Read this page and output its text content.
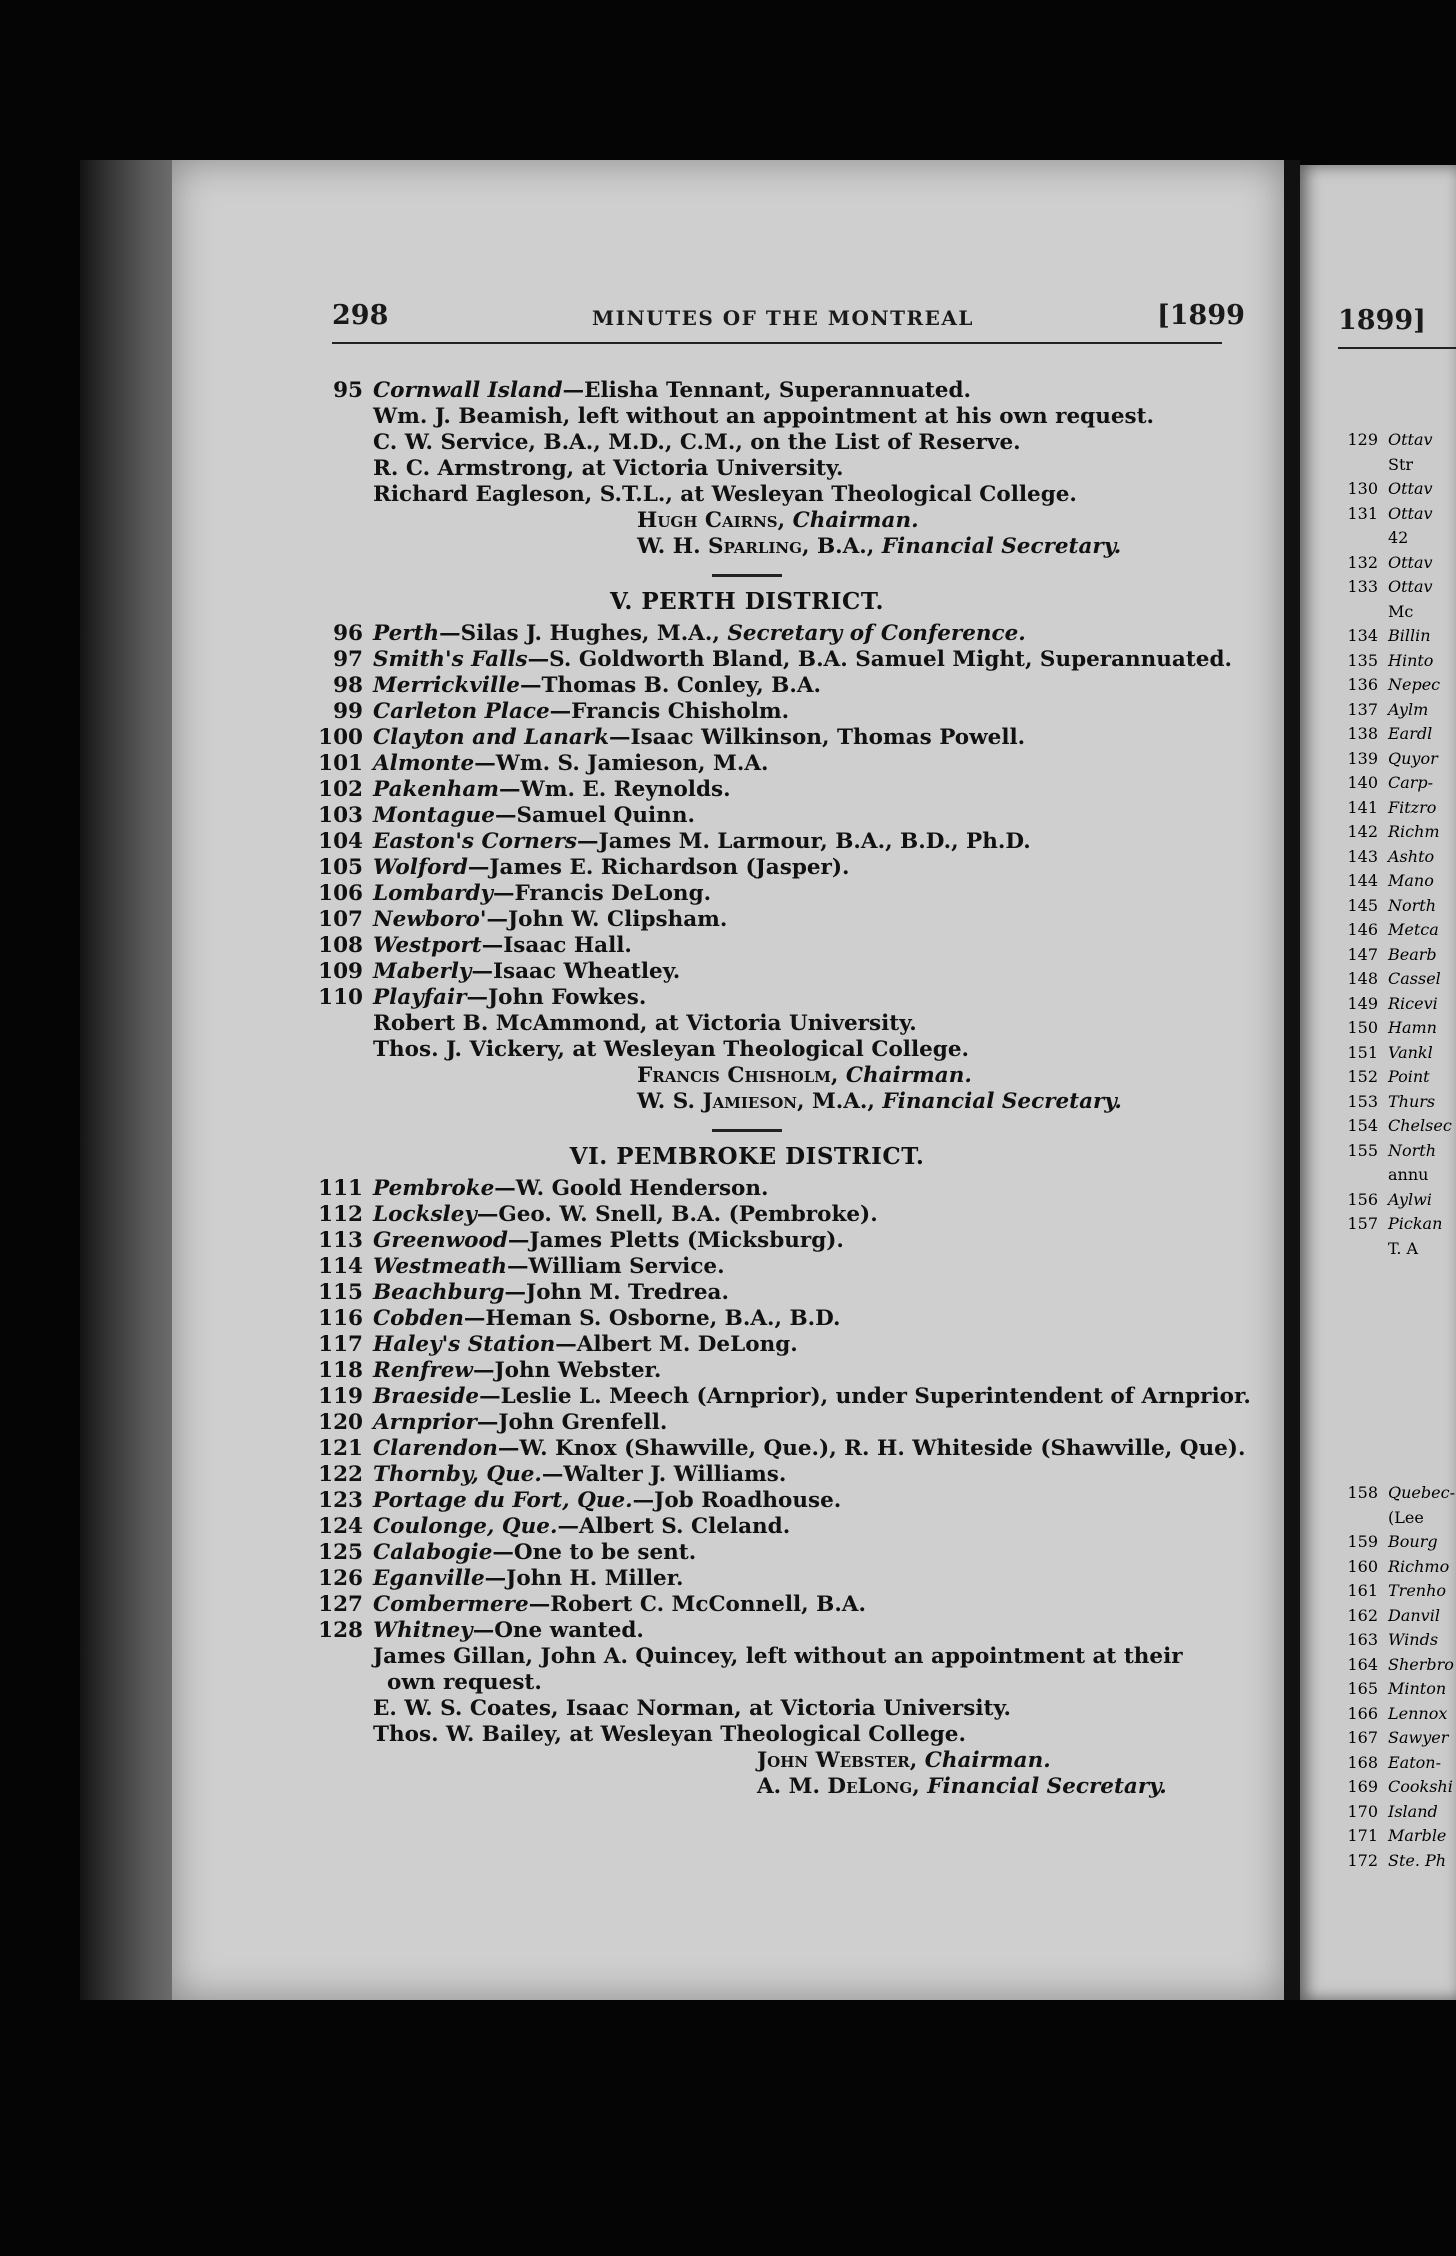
298	MINUTES OF THE MONTREAL	[1899
95 Cornwall Island—Elisha Tennant, Superannuated.
Wm. J. Beamish, left without an appointment at his own request.
C. W. Service, B.A., M.D., C.M., on the List of Reserve.
R. C. Armstrong, at Victoria University.
Richard Eagleson, S.T.L., at Wesleyan Theological College.
Hugh Cairns, Chairman.
W. H. Sparling, B.A., Financial Secretary.
V. PERTH DISTRICT.
96 Perth—Silas J. Hughes, M.A., Secretary of Conference.
97 Smith's Falls—S. Goldworth Bland, B.A. Samuel Might, Superannuated.
98 Merrickville—Thomas B. Conley, B.A.
99 Carleton Place—Francis Chisholm.
100 Clayton and Lanark—Isaac Wilkinson, Thomas Powell.
101 Almonte—Wm. S. Jamieson, M.A.
102 Pakenham—Wm. E. Reynolds.
103 Montague—Samuel Quinn.
104 Easton's Corners—James M. Larmour, B.A., B.D., Ph.D.
105 Wolford—James E. Richardson (Jasper).
106 Lombardy—Francis DeLong.
107 Newboro'—John W. Clipsham.
108 Westport—Isaac Hall.
109 Maberly—Isaac Wheatley.
110 Playfair—John Fowkes.
Robert B. McAmmond, at Victoria University.
Thos. J. Vickery, at Wesleyan Theological College.
Francis Chisholm, Chairman.
W. S. Jamieson, M.A., Financial Secretary.
VI. PEMBROKE DISTRICT.
111 Pembroke—W. Goold Henderson.
112 Locksley—Geo. W. Snell, B.A. (Pembroke).
113 Greenwood—James Pletts (Micksburg).
114 Westmeath—William Service.
115 Beachburg—John M. Tredrea.
116 Cobden—Heman S. Osborne, B.A., B.D.
117 Haley's Station—Albert M. DeLong.
118 Renfrew—John Webster.
119 Braeside—Leslie L. Meech (Arnprior), under Superintendent of Arnprior.
120 Arnprior—John Grenfell.
121 Clarendon—W. Knox (Shawville, Que.), R. H. Whiteside (Shawville, Que).
122 Thornby, Que.—Walter J. Williams.
123 Portage du Fort, Que.—Job Roadhouse.
124 Coulonge, Que.—Albert S. Cleland.
125 Calabogie—One to be sent.
126 Eganville—John H. Miller.
127 Combermere—Robert C. McConnell, B.A.
128 Whitney—One wanted.
James Gillan, John A. Quincey, left without an appointment at their
own request.
E. W. S. Coates, Isaac Norman, at Victoria University.
Thos. W. Bailey, at Wesleyan Theological College.
John Webster, Chairman.
A. M. DeLong, Financial Secretary.
1899]
129 Ottav
Str
130 Ottav
131 Ottav
42
132 Ottav
133 Ottav
Mc
134 Billin
135 Hinto
136 Nepec
137 Aylm
138 Eardl
139 Quyor
140 Carp-
141 Fitzro
142 Richm
143 Ashto
144 Mano
145 North
146 Metca
147 Bearb
148 Cassel
149 Ricevi
150 Hamn
151 Vankl
152 Point
153 Thurs
154 Chelsec
155 North
annu
156 Aylwi
157 Pickan
T. A
158 Quebec-
(Lee
159 Bourg
160 Richmo
161 Trenho
162 Danvil
163 Winds
164 Sherbro
165 Minton
166 Lennox
167 Sawyer
168 Eaton-
169 Cookshi
170 Island
171 Marble
172 Ste. Ph
